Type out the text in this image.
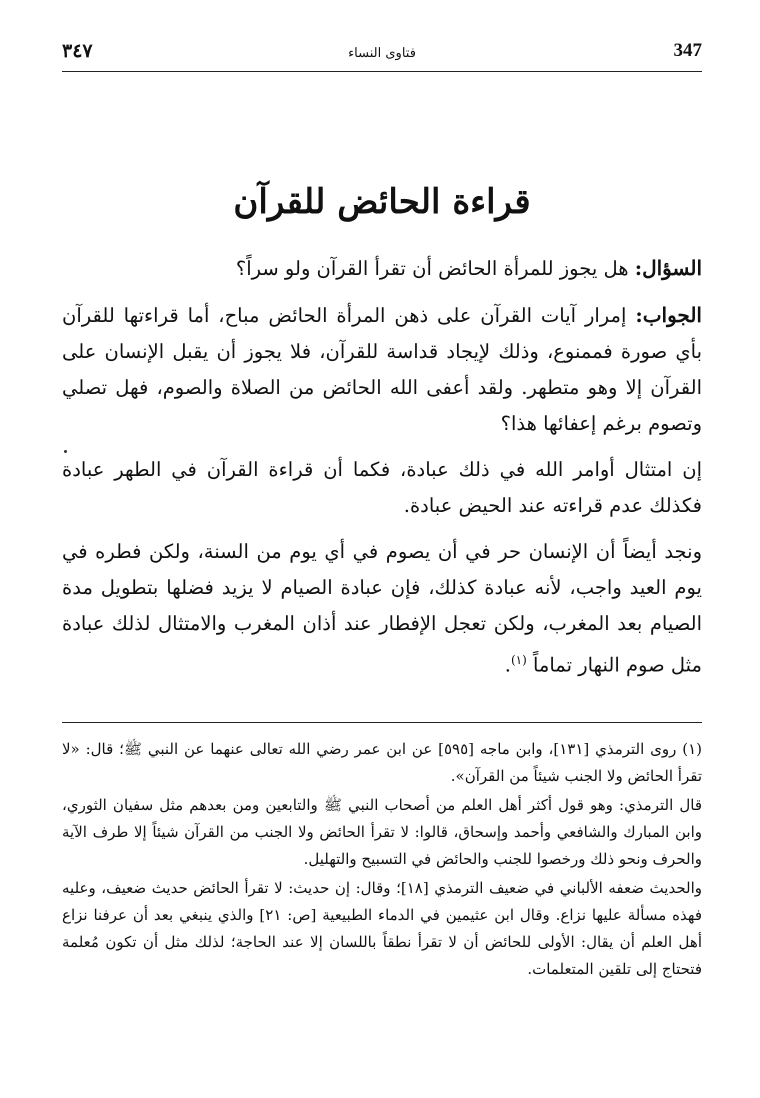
٣٤٧	فتاوى النساء	347
قراءة الحائض للقرآن

السؤال: هل يجوز للمرأة الحائض أن تقرأ القرآن ولو سراً؟

الجواب: إمرار آيات القرآن على ذهن المرأة الحائض مباح، أما قراءتها للقرآن بأي صورة فممنوع، وذلك لإيجاد قداسة للقرآن، فلا يجوز أن يقبل الإنسان على القرآن إلا وهو متطهر. ولقد أعفى الله الحائض من الصلاة والصوم، فهل تصلي وتصوم برغم إعفائها هذا؟

إن امتثال أوامر الله في ذلك عبادة، فكما أن قراءة القرآن في الطهر عبادة فكذلك عدم قراءته عند الحيض عبادة.

ونجد أيضاً أن الإنسان حر في أن يصوم في أي يوم من السنة، ولكن فطره في يوم العيد واجب، لأنه عبادة كذلك، فإن عبادة الصيام لا يزيد فضلها بتطويل مدة الصيام بعد المغرب، ولكن تعجل الإفطار عند أذان المغرب والامتثال لذلك عبادة مثل صوم النهار تماماً $^{(١)}$.

(١) روى الترمذي [١٣١]، وابن ماجه [٥٩٥] عن ابن عمر رضي الله تعالى عنهما عن النبي ﷺ؛ قال: «لا تقرأ الحائض ولا الجنب شيئاً من القرآن».

قال الترمذي: وهو قول أكثر أهل العلم من أصحاب النبي ﷺ والتابعين ومن بعدهم مثل سفيان الثوري، وابن المبارك والشافعي وأحمد وإسحاق، قالوا: لا تقرأ الحائض ولا الجنب من القرآن شيئاً إلا طرف الآية والحرف ونحو ذلك ورخصوا للجنب والحائض في التسبيح والتهليل.

والحديث ضعفه الألباني في ضعيف الترمذي [١٨]؛ وقال: إن حديث: لا تقرأ الحائض حديث ضعيف، وعليه فهذه مسألة عليها نزاع. وقال ابن عثيمين في الدماء الطبيعية [ص: ٢١] والذي ينبغي بعد أن عرفنا نزاع أهل العلم أن يقال: الأولى للحائض أن لا تقرأ نطقاً باللسان إلا عند الحاجة؛ لذلك مثل أن تكون مُعلمة فتحتاج إلى تلقين المتعلمات.
